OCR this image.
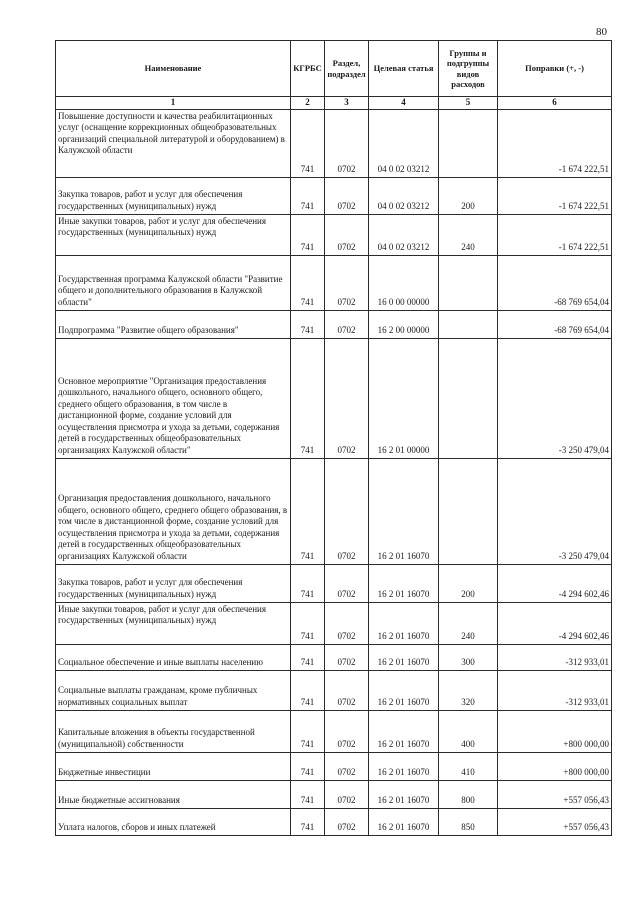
80
Наименование	КГРБС	Раздел, подраздел	Целевая статья	Группы и подгруппы видов расходов	Поправки (+, -)
1	2	3	4	5	6
Повышение доступности и качества реабилитационных услуг (оснащение коррекционных общеобразовательных организаций специальной литературой и оборудованием) в Калужской области	741	0702	04 0 02 03212		-1 674 222,51
Закупка товаров, работ и услуг для обеспечения государственных (муниципальных) нужд	741	0702	04 0 02 03212	200	-1 674 222,51
Иные закупки товаров, работ и услуг для обеспечения государственных (муниципальных) нужд	741	0702	04 0 02 03212	240	-1 674 222,51
Государственная программа Калужской области "Развитие общего и дополнительного образования в Калужской области"	741	0702	16 0 00 00000		-68 769 654,04
Подпрограмма "Развитие общего образования"	741	0702	16 2 00 00000		-68 769 654,04
Основное мероприятие "Организация предоставления дошкольного, начального общего, основного общего, среднего общего образования, в том числе в дистанционной форме, создание условий для осуществления присмотра и ухода за детьми, содержания детей в государственных общеобразовательных организациях Калужской области"	741	0702	16 2 01 00000		-3 250 479,04
Организация предоставления дошкольного, начального общего, основного общего, среднего общего образования, в том числе в дистанционной форме, создание условий для осуществления присмотра и ухода за детьми, содержания детей в государственных общеобразовательных организациях Калужской области	741	0702	16 2 01 16070		-3 250 479,04
Закупка товаров, работ и услуг для обеспечения государственных (муниципальных) нужд	741	0702	16 2 01 16070	200	-4 294 602,46
Иные закупки товаров, работ и услуг для обеспечения государственных (муниципальных) нужд	741	0702	16 2 01 16070	240	-4 294 602,46
Социальное обеспечение и иные выплаты населению	741	0702	16 2 01 16070	300	-312 933,01
Социальные выплаты гражданам, кроме публичных нормативных социальных выплат	741	0702	16 2 01 16070	320	-312 933,01
Капитальные вложения в объекты государственной (муниципальной) собственности	741	0702	16 2 01 16070	400	+800 000,00
Бюджетные инвестиции	741	0702	16 2 01 16070	410	+800 000,00
Иные бюджетные ассигнования	741	0702	16 2 01 16070	800	+557 056,43
Уплата налогов, сборов и иных платежей	741	0702	16 2 01 16070	850	+557 056,43
